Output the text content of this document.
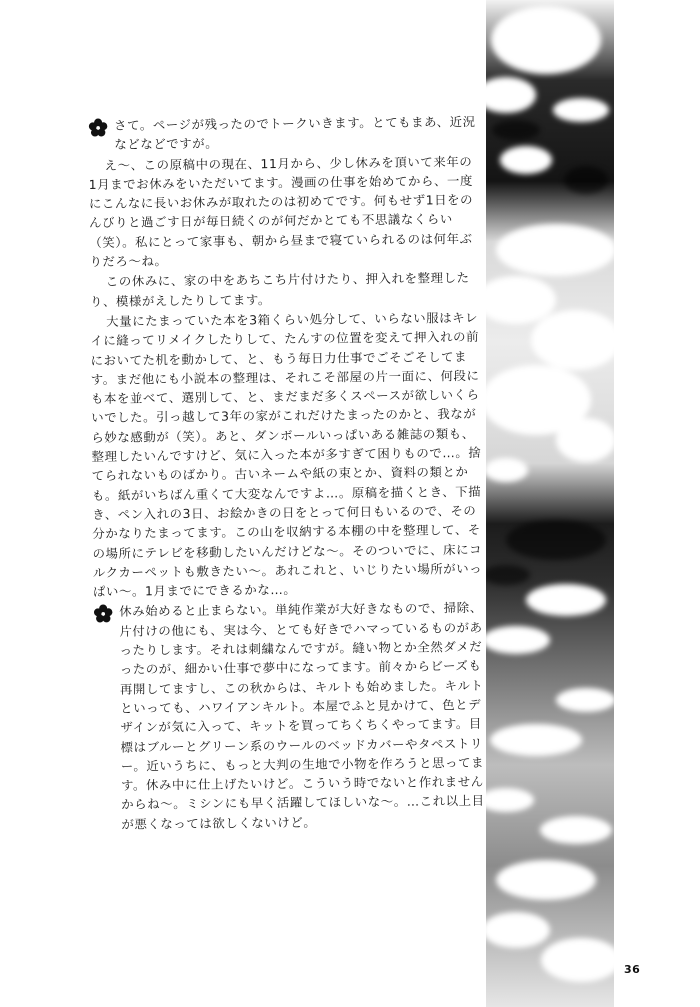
さて。ページが残ったのでトークいきます。とてもまあ、近況などなどですが。

え〜、この原稿中の現在、11月から、少し休みを頂いて来年の1月までお休みをいただいてます。漫画の仕事を始めてから、一度にこんなに長いお休みが取れたのは初めてです。何もせず1日をのんびりと過ごす日が毎日続くのが何だかとても不思議なくらい（笑）。私にとって家事も、朝から昼まで寝ていられるのは何年ぶりだろ〜ね。

この休みに、家の中をあちこち片付けたり、押入れを整理したり、模様がえしたりしてます。

大量にたまっていた本を3箱くらい処分して、いらない服はキレイに縫ってリメイクしたりして、たんすの位置を変えて押入れの前においてた机を動かして、と、もう毎日力仕事でごそごそしてます。まだ他にも小説本の整理は、それこそ部屋の片一面に、何段にも本を並べて、選別して、と、まだまだ多くスペースが欲しいくらいでした。引っ越して3年の家がこれだけたまったのかと、我ながら妙な感動が（笑）。あと、ダンボールいっぱいある雑誌の類も、整理したいんですけど、気に入った本が多すぎて困りもので…。捨てられないものばかり。古いネームや紙の束とか、資料の類とかも。紙がいちばん重くて大変なんですよ…。原稿を描くとき、下描き、ペン入れの3日、お絵かきの日をとって何日もいるので、その分かなりたまってます。この山を収納する本棚の中を整理して、その場所にテレビを移動したいんだけどな〜。そのついでに、床にコルクカーペットも敷きたい〜。あれこれと、いじりたい場所がいっぱい〜。1月までにできるかな…。

休み始めると止まらない。単純作業が大好きなもので、掃除、片付けの他にも、実は今、とても好きでハマっているものがあったりします。それは刺繍なんですが。縫い物とか全然ダメだったのが、細かい仕事で夢中になってます。前々からビーズも再開してますし、この秋からは、キルトも始めました。キルトといっても、ハワイアンキルト。本屋でふと見かけて、色とデザインが気に入って、キットを買ってちくちくやってます。目標はブルーとグリーン系のウールのベッドカバーやタペストリー。近いうちに、もっと大判の生地で小物を作ろうと思ってます。休み中に仕上げたいけど。こういう時でないと作れませんからね〜。ミシンにも早く活躍してほしいな〜。…これ以上目が悪くなっては欲しくないけど。

36
